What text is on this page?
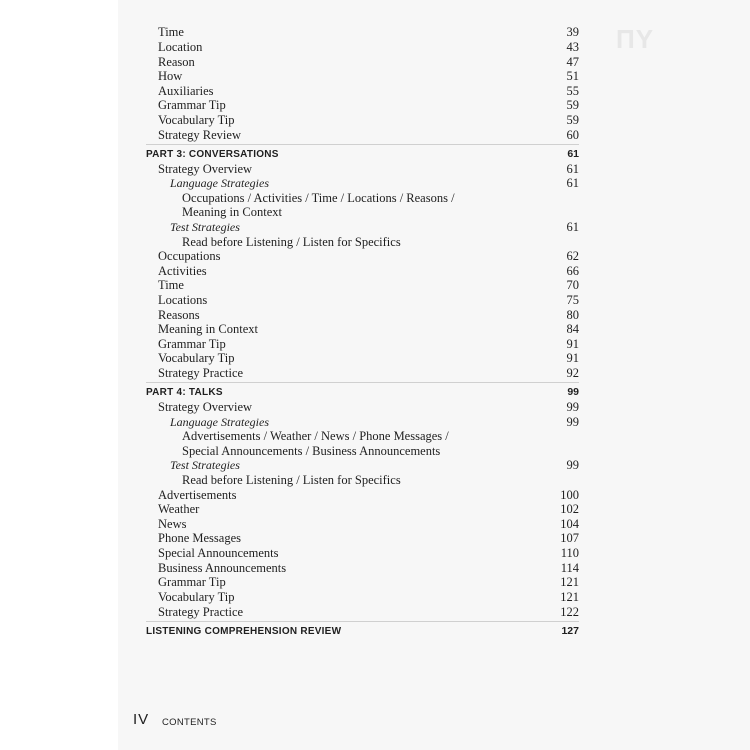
ΠΥ
Time	39
Location	43
Reason	47
How	51
Auxiliaries	55
Grammar Tip	59
Vocabulary Tip	59
Strategy Review	60
PART 3: CONVERSATIONS	61
Strategy Overview	61
Language Strategies	61
Occupations / Activities / Time / Locations / Reasons /
Meaning in Context
Test Strategies	61
Read before Listening / Listen for Specifics
Occupations	62
Activities	66
Time	70
Locations	75
Reasons	80
Meaning in Context	84
Grammar Tip	91
Vocabulary Tip	91
Strategy Practice	92
PART 4: TALKS	99
Strategy Overview	99
Language Strategies	99
Advertisements / Weather / News / Phone Messages /
Special Announcements / Business Announcements
Test Strategies	99
Read before Listening / Listen for Specifics
Advertisements	100
Weather	102
News	104
Phone Messages	107
Special Announcements	110
Business Announcements	114
Grammar Tip	121
Vocabulary Tip	121
Strategy Practice	122
LISTENING COMPREHENSION REVIEW	127
IV CONTENTS
